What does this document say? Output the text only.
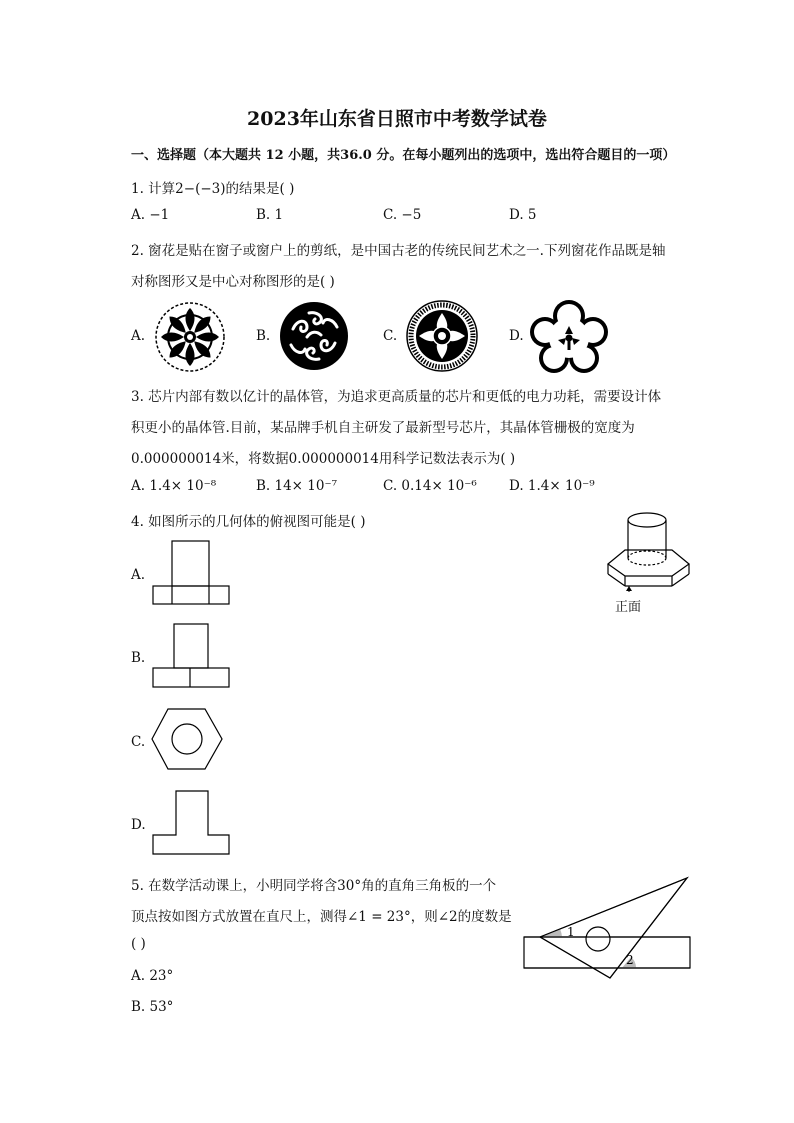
2023年山东省日照市中考数学试卷
一、选择题（本大题共 12 小题，共36.0 分。在每小题列出的选项中，选出符合题目的一项）
1. 计算2−(−3)的结果是( )
A. −1	B. 1	C. −5	D. 5
2. 窗花是贴在窗子或窗户上的剪纸，是中国古老的传统民间艺术之一.下列窗花作品既是轴
对称图形又是中心对称图形的是( )
A.	B.	C.	D.
3. 芯片内部有数以亿计的晶体管，为追求更高质量的芯片和更低的电力功耗，需要设计体
积更小的晶体管.目前，某品牌手机自主研发了最新型号芯片，其晶体管栅极的宽度为
0.000000014米，将数据0.000000014用科学记数法表示为( )
A. 1.4× 10⁻⁸	B. 14× 10⁻⁷	C. 0.14× 10⁻⁶ D. 1.4× 10⁻⁹
4. 如图所示的几何体的俯视图可能是( )
正面
A.
B.
C.
D.
5. 在数学活动课上，小明同学将含30°角的直角三角板的一个
顶点按如图方式放置在直尺上，测得∠1 = 23°，则∠2的度数是
( )
A. 23°
B. 53°
1
2
